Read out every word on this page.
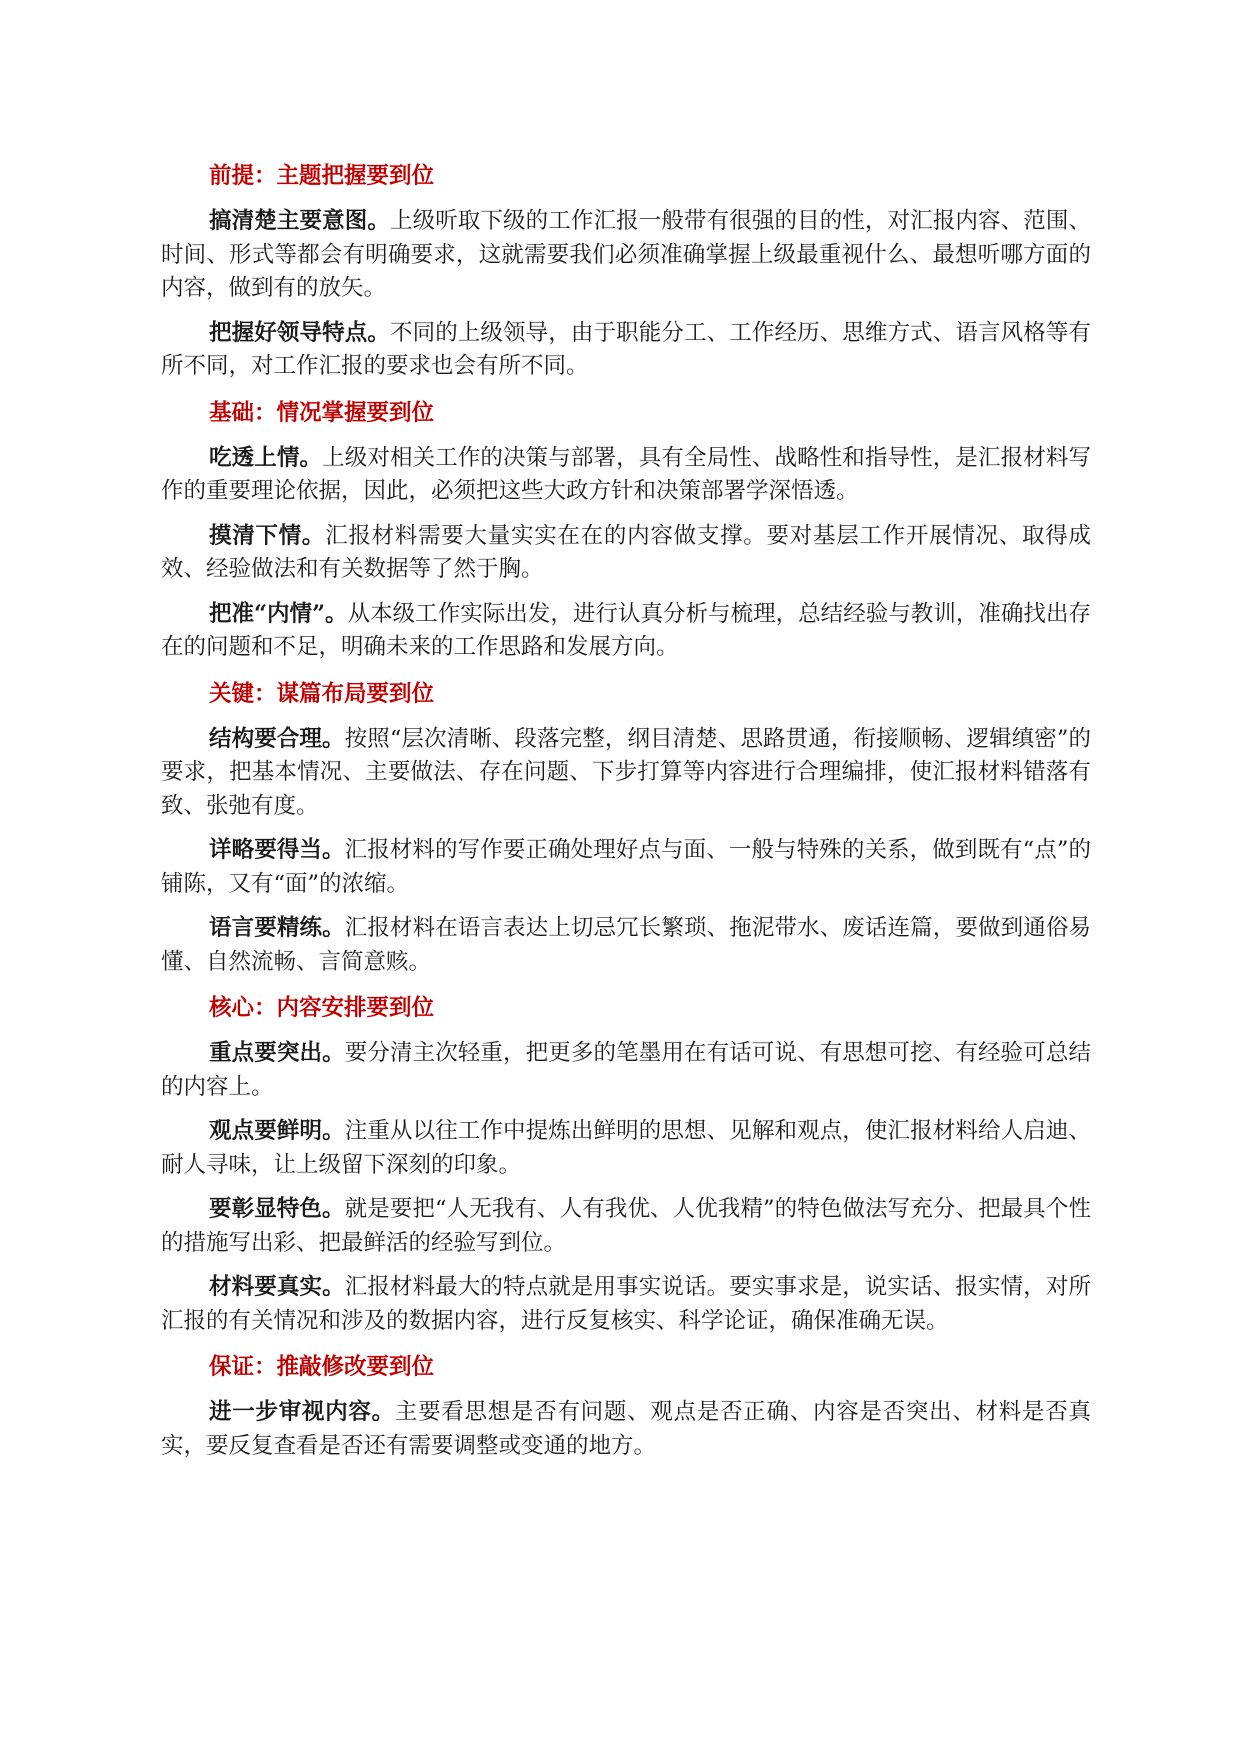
前提：主题把握要到位

搞清楚主要意图。上级听取下级的工作汇报一般带有很强的目的性，对汇报内容、范围、时间、形式等都会有明确要求，这就需要我们必须准确掌握上级最重视什么、最想听哪方面的内容，做到有的放矢。

把握好领导特点。不同的上级领导，由于职能分工、工作经历、思维方式、语言风格等有所不同，对工作汇报的要求也会有所不同。

基础：情况掌握要到位

吃透上情。上级对相关工作的决策与部署，具有全局性、战略性和指导性，是汇报材料写作的重要理论依据，因此，必须把这些大政方针和决策部署学深悟透。

摸清下情。汇报材料需要大量实实在在的内容做支撑。要对基层工作开展情况、取得成效、经验做法和有关数据等了然于胸。

把准“内情”。从本级工作实际出发，进行认真分析与梳理，总结经验与教训，准确找出存在的问题和不足，明确未来的工作思路和发展方向。

关键：谋篇布局要到位

结构要合理。按照“层次清晰、段落完整，纲目清楚、思路贯通，衔接顺畅、逻辑缜密”的要求，把基本情况、主要做法、存在问题、下步打算等内容进行合理编排，使汇报材料错落有致、张弛有度。

详略要得当。汇报材料的写作要正确处理好点与面、一般与特殊的关系，做到既有“点”的铺陈，又有“面”的浓缩。

语言要精练。汇报材料在语言表达上切忌冗长繁琐、拖泥带水、废话连篇，要做到通俗易懂、自然流畅、言简意赅。

核心：内容安排要到位

重点要突出。要分清主次轻重，把更多的笔墨用在有话可说、有思想可挖、有经验可总结的内容上。

观点要鲜明。注重从以往工作中提炼出鲜明的思想、见解和观点，使汇报材料给人启迪、耐人寻味，让上级留下深刻的印象。

要彰显特色。就是要把“人无我有、人有我优、人优我精”的特色做法写充分、把最具个性的措施写出彩、把最鲜活的经验写到位。

材料要真实。汇报材料最大的特点就是用事实说话。要实事求是，说实话、报实情，对所汇报的有关情况和涉及的数据内容，进行反复核实、科学论证，确保准确无误。

保证：推敲修改要到位

进一步审视内容。主要看思想是否有问题、观点是否正确、内容是否突出、材料是否真实，要反复查看是否还有需要调整或变通的地方。
